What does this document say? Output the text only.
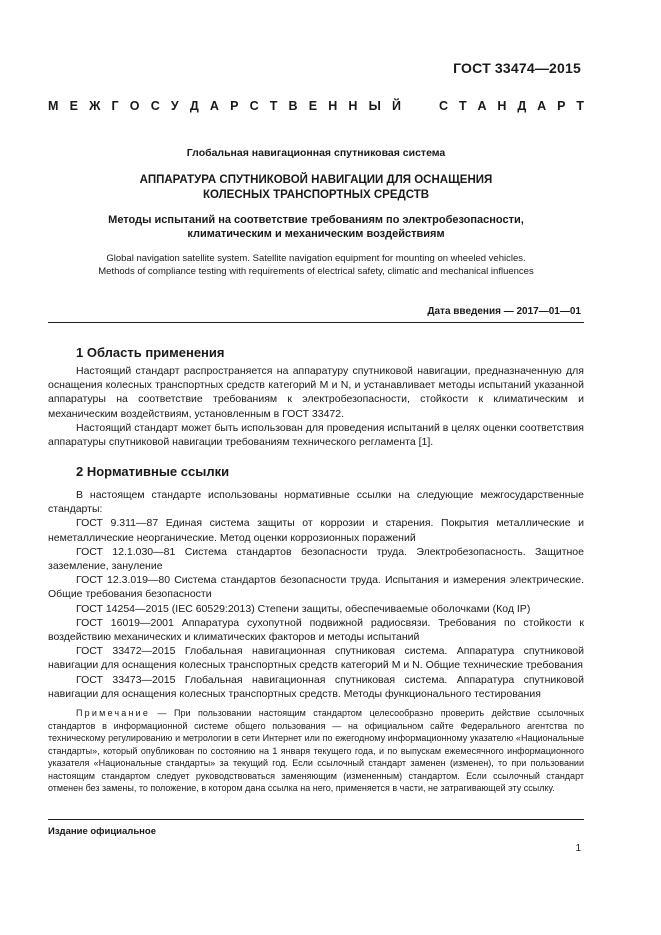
ГОСТ 33474—2015
М Е Ж Г О С У Д А Р С Т В Е Н Н Ы Й	С Т А Н Д А Р Т
Глобальная навигационная спутниковая система
АППАРАТУРА СПУТНИКОВОЙ НАВИГАЦИИ ДЛЯ ОСНАЩЕНИЯ
КОЛЕСНЫХ ТРАНСПОРТНЫХ СРЕДСТВ
Методы испытаний на соответствие требованиям по электробезопасности,
климатическим и механическим воздействиям
Global navigation satellite system. Satellite navigation equipment for mounting on wheeled vehicles.
Methods of compliance testing with requirements of electrical safety, climatic and mechanical influences
Дата введения — 2017—01—01
1 Область применения

Настоящий стандарт распространяется на аппаратуру спутниковой навигации, предназначенную для оснащения колесных транспортных средств категорий М и N, и устанавливает методы испытаний указанной аппаратуры на соответствие требованиям к электробезопасности, стойкости к климатическим и механическим воздействиям, установленным в ГОСТ 33472.

Настоящий стандарт может быть использован для проведения испытаний в целях оценки соответствия аппаратуры спутниковой навигации требованиям технического регламента [1].

2 Нормативные ссылки

В настоящем стандарте использованы нормативные ссылки на следующие межгосударственные стандарты:

ГОСТ 9.311—87 Единая система защиты от коррозии и старения. Покрытия металлические и неметаллические неорганические. Метод оценки коррозионных поражений

ГОСТ 12.1.030—81 Система стандартов безопасности труда. Электробезопасность. Защитное заземление, зануление

ГОСТ 12.3.019—80 Система стандартов безопасности труда. Испытания и измерения электрические. Общие требования безопасности

ГОСТ 14254—2015 (IEC 60529:2013) Степени защиты, обеспечиваемые оболочками (Код IP)

ГОСТ 16019—2001 Аппаратура сухопутной подвижной радиосвязи. Требования по стойкости к воздействию механических и климатических факторов и методы испытаний

ГОСТ 33472—2015 Глобальная навигационная спутниковая система. Аппаратура спутниковой навигации для оснащения колесных транспортных средств категорий М и N. Общие технические требования

ГОСТ 33473—2015 Глобальная навигационная спутниковая система. Аппаратура спутниковой навигации для оснащения колесных транспортных средств. Методы функционального тестирования

Примечание — При пользовании настоящим стандартом целесообразно проверить действие ссылочных стандартов в информационной системе общего пользования — на официальном сайте Федерального агентства по техническому регулированию и метрологии в сети Интернет или по ежегодному информационному указателю «Национальные стандарты», который опубликован по состоянию на 1 января текущего года, и по выпускам ежемесячного информационного указателя «Национальные стандарты» за текущий год. Если ссылочный стандарт заменен (изменен), то при пользовании настоящим стандартом следует руководствоваться заменяющим (измененным) стандартом. Если ссылочный стандарт отменен без замены, то положение, в котором дана ссылка на него, применяется в части, не затрагивающей эту ссылку.
Издание официальное
1
